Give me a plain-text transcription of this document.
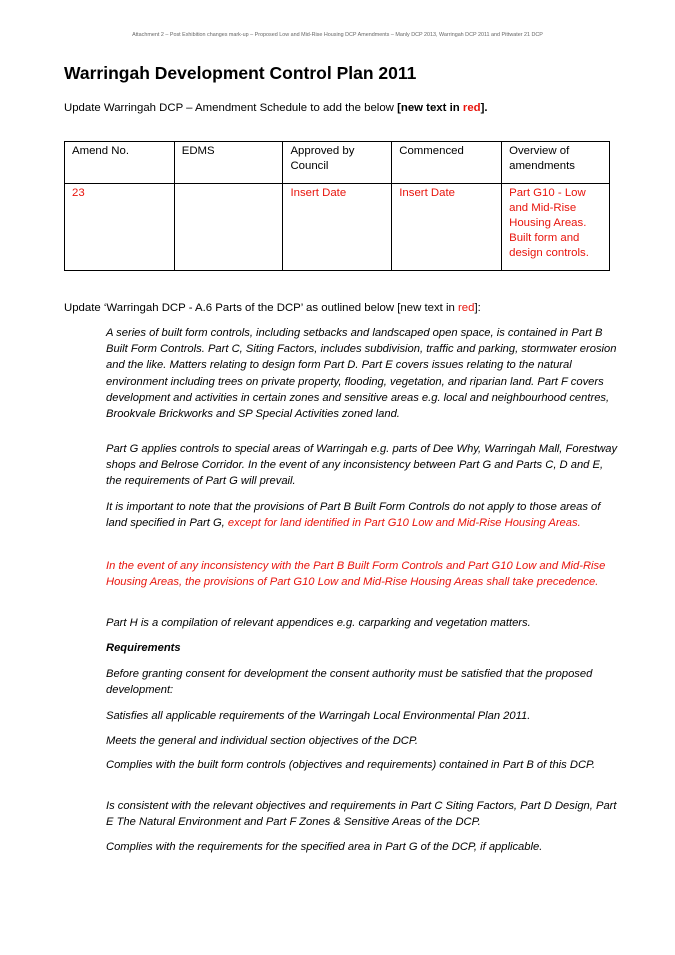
Attachment 2 – Post Exhibition changes mark-up – Proposed Low and Mid-Rise Housing DCP Amendments – Manly DCP 2013, Warringah DCP 2011 and Pittwater 21 DCP
Warringah Development Control Plan 2011
Update Warringah DCP – Amendment Schedule to add the below [new text in red].
Amend No.	EDMS	Approved by Council	Commenced	Overview of amendments
23		Insert Date	Insert Date	Part G10 - Low and Mid-Rise Housing Areas. Built form and design controls.
Update ‘Warringah DCP - A.6 Parts of the DCP’ as outlined below [new text in red]:
A series of built form controls, including setbacks and landscaped open space, is contained in Part B Built Form Controls. Part C, Siting Factors, includes subdivision, traffic and parking, stormwater erosion and the like. Matters relating to design form Part D. Part E covers issues relating to the natural environment including trees on private property, flooding, vegetation, and riparian land. Part F covers development and activities in certain zones and sensitive areas e.g. local and neighbourhood centres, Brookvale Brickworks and SP Special Activities zoned land.
Part G applies controls to special areas of Warringah e.g. parts of Dee Why, Warringah Mall, Forestway shops and Belrose Corridor. In the event of any inconsistency between Part G and Parts C, D and E, the requirements of Part G will prevail.
It is important to note that the provisions of Part B Built Form Controls do not apply to those areas of land specified in Part G, except for land identified in Part G10 Low and Mid-Rise Housing Areas.
In the event of any inconsistency with the Part B Built Form Controls and Part G10 Low and Mid-Rise Housing Areas, the provisions of Part G10 Low and Mid-Rise Housing Areas shall take precedence.
Part H is a compilation of relevant appendices e.g. carparking and vegetation matters.
Requirements
Before granting consent for development the consent authority must be satisfied that the proposed development:
Satisfies all applicable requirements of the Warringah Local Environmental Plan 2011.
Meets the general and individual section objectives of the DCP.
Complies with the built form controls (objectives and requirements) contained in Part B of this DCP.
Is consistent with the relevant objectives and requirements in Part C Siting Factors, Part D Design, Part E The Natural Environment and Part F Zones & Sensitive Areas of the DCP.
Complies with the requirements for the specified area in Part G of the DCP, if applicable.
